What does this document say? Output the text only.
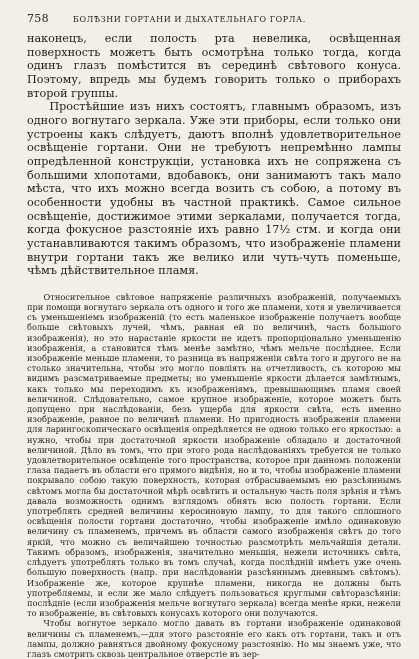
758	БОЛѢЗНИ ГОРТАНИ И ДЫХАТЕЛЬНАГО ГОРЛА.

наконецъ, если полость рта невелика, освѣщенная поверхность можетъ быть осмотрѣна только тогда, когда одинъ глазъ помѣстится въ серединѣ свѣтового конуса. Поэтому, впредь мы будемъ говорить только о приборахъ второй группы.

Простѣйшие изъ нихъ состоятъ, главнымъ образомъ, изъ одного вогнутаго зеркала. Уже эти приборы, если только они устроены какъ слѣдуетъ, даютъ вполнѣ удовлетворительное освѣщеніе гортани. Они не требуютъ непремѣнно лампы опредѣленной конструкціи, установка ихъ не сопряжена съ большими хлопотами, вдобавокъ, они занимаютъ такъ мало мѣста, что ихъ можно всегда возить съ собою, а потому въ особенности удобны въ частной практикѣ. Самое сильное освѣщеніе, достижимое этими зеркалами, получается тогда, когда фокусное разстояніе ихъ равно 17½ стм. и когда они устанавливаются такимъ образомъ, что изображеніе пламени внутри гортани такъ же велико или чуть-чуть поменьше, чѣмъ дѣйствительное пламя.

Относительное свѣтовое напряженіе различныхъ изображеній, получаемыхъ при помощи вогнутаго зеркала отъ одного и того же пламени, хотя и увеличивается съ уменьшеніемъ изображеній (то есть маленькое изображеніе получаетъ вообще больше свѣтовыхъ лучей, чѣмъ, равная ей по величинѣ, часть большого изображенія), но это нарастаніе яркости не идетъ пропорціонально уменьшенію изображенія, а становится тѣмъ менѣе замѣтно, чѣмъ мельче послѣднее. Если изображеніе меньше пламени, то разница въ напряженіи свѣта того и другого не на столько значительна, чтобы это могло повліять на отчетливость, съ которою мы видимъ разсматриваемые предметы; но уменьшеніе яркости дѣлается замѣтнымъ, какъ только мы переходимъ къ изображеніямъ, превышающимъ пламя своей величиной. Слѣдовательно, самое крупное изображеніе, которое можетъ быть допущено при наслѣдованіи, безъ ущерба для яркости свѣта, есть именно изображеніе, равное по величинѣ пламени. Но пригодность изображенія пламени для ларингоскопическаго освѣщенія опредѣляется не одною только его яркостью: а нужно, чтобы при достаточной яркости изображеніе обладало и достаточной величиной. Дѣло въ томъ, что при этого рода наслѣдованіяхъ требуется не только удовлетворительное освѣщеніе того пространства, которое при данномъ положеніи глаза падаетъ въ области его прямого видѣнія, но и то, чтобы изображеніе пламени покрывало собою такую поверхность, которая отбрасываемымъ ею разсѣяннымъ свѣтомъ могла бы достаточной мѣрѣ освѣтить и остальную часть поля зрѣнія и тѣмъ давала возможность однимъ взглядомъ обнять всю полость гортани. Если употреблять средней величины керосиновую лампу, то для такого сплошного освѣщенія полости гортани достаточно, чтобы изображеніе имѣло одинаковую величину съ пламенемъ, причемъ въ области самого изображенія свѣтъ до того яркій, что можно съ величайшею точностью разсмотрѣть мельчайшія детали. Такимъ образомъ, изображенія, значительно меньшія, нежели источникъ свѣта, слѣдуетъ употреблять только въ томъ случаѣ, когда послѣдній имѣетъ уже очень большую поверхность (напр. при наслѣдованіи разсѣяннымъ дневнымъ свѣтомъ). Изображеніе же, которое крупнѣе пламени, никогда не должны быть употребляемы, и если же мало слѣдуетъ пользоваться круглыми свѣторазсѣяніи: послѣдніе (если изображенія мельче вогнутаго зеркала) всегда менѣе ярки, нежели то изображеніе, въ свѣтовыхъ конусахъ которого они получаются.

Чтобы вогнутое зеркало могло давать въ гортани изображеніе одинаковой величины съ пламенемъ,—для этого разстояніе его какъ отъ гортани, такъ и отъ лампы, должно равняться двойному фокусному разстоянію. Но мы знаемъ уже, что глазъ смотрить сквозь центральное отверстіе въ зер-
